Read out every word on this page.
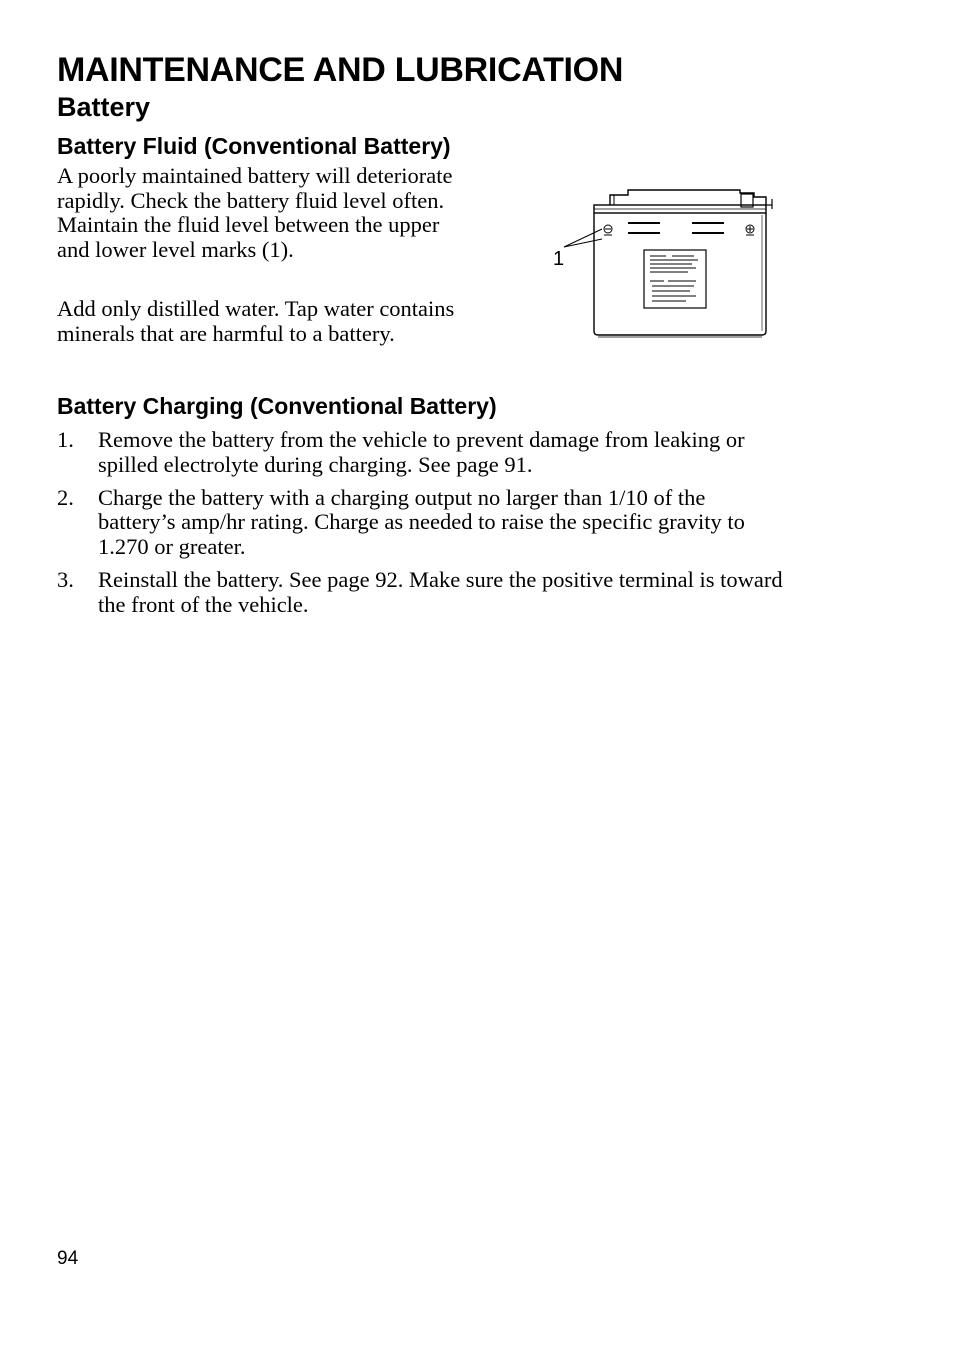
MAINTENANCE AND LUBRICATION
Battery
Battery Fluid (Conventional Battery)

A poorly maintained battery will deteriorate rapidly. Check the battery fluid level often. Maintain the fluid level between the upper and lower level marks (1).

Add only distilled water. Tap water contains minerals that are harmful to a battery.

1
Battery Charging (Conventional Battery)
1. Remove the battery from the vehicle to prevent damage from leaking or spilled electrolyte during charging. See page 91.
2. Charge the battery with a charging output no larger than 1/10 of the battery’s amp/hr rating. Charge as needed to raise the specific gravity to 1.270 or greater.
3. Reinstall the battery. See page 92. Make sure the positive terminal is toward the front of the vehicle.
94
